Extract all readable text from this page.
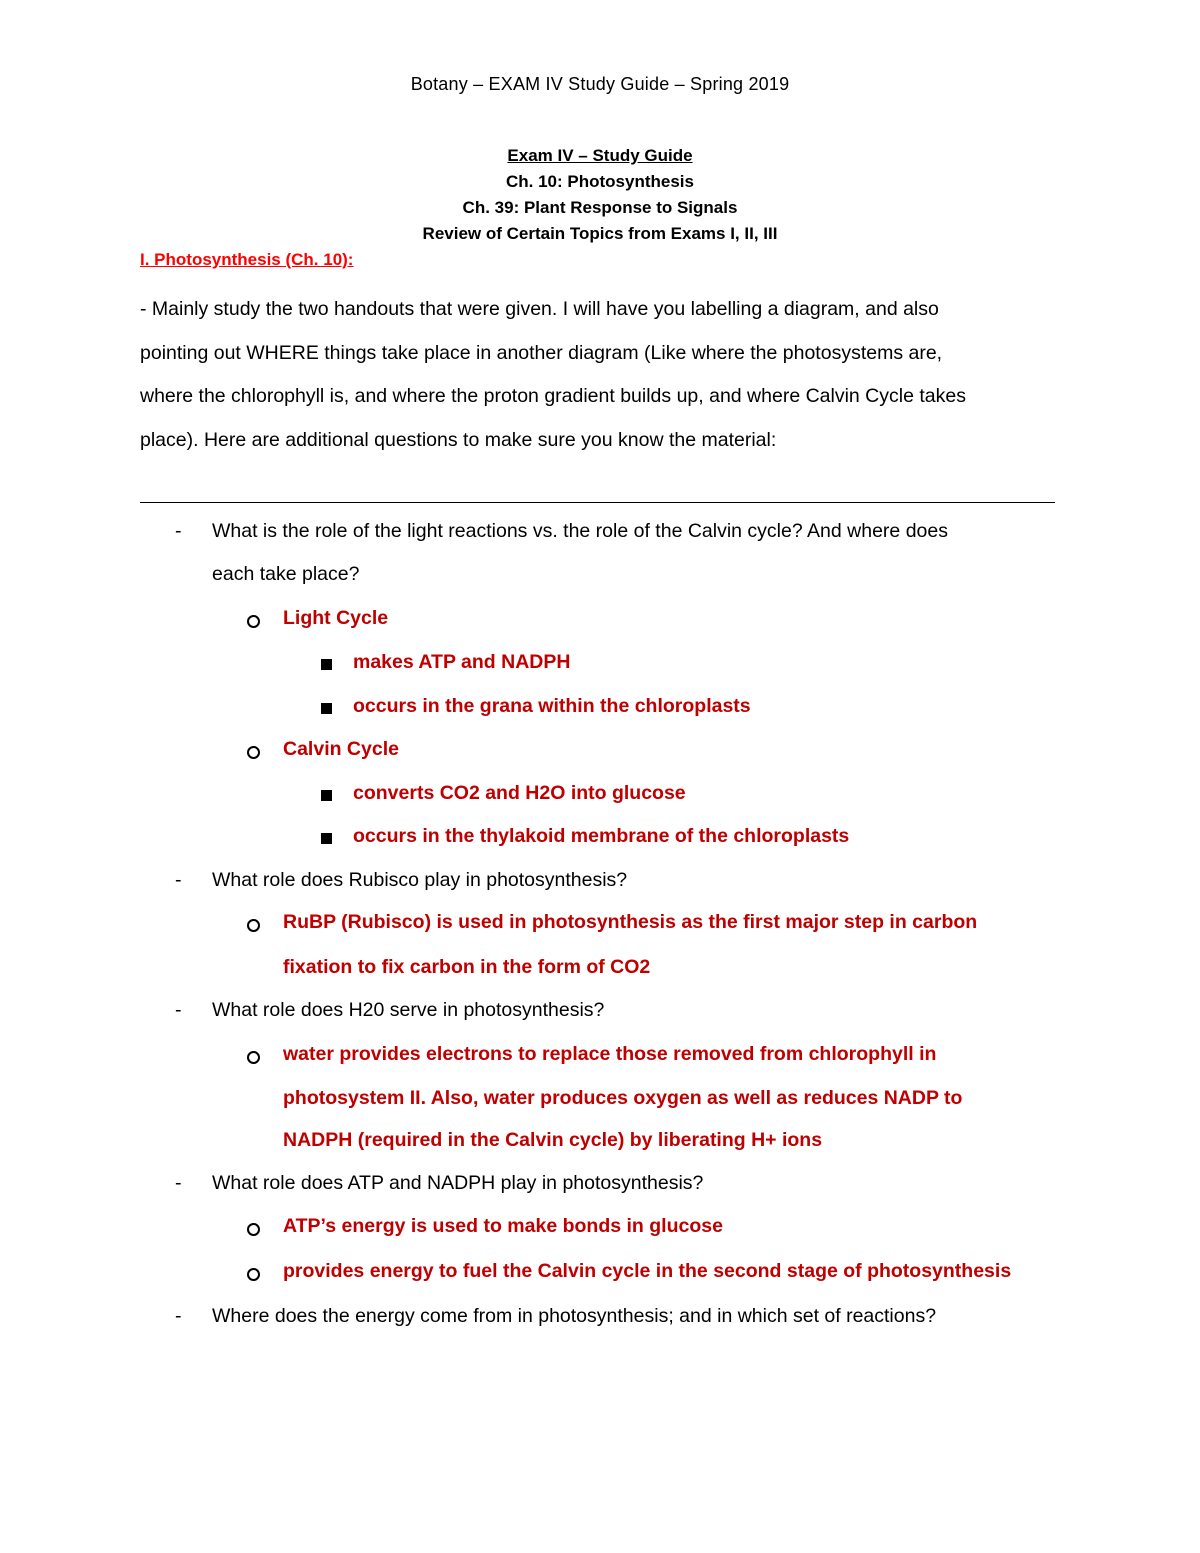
Botany – EXAM IV Study Guide – Spring 2019
Exam IV – Study Guide
Ch. 10: Photosynthesis
Ch. 39: Plant Response to Signals
Review of Certain Topics from Exams I, II, III
I. Photosynthesis (Ch. 10):
- Mainly study the two handouts that were given. I will have you labelling a diagram, and also
pointing out WHERE things take place in another diagram (Like where the photosystems are,
where the chlorophyll is, and where the proton gradient builds up, and where Calvin Cycle takes
place). Here are additional questions to make sure you know the material:
- What is the role of the light reactions vs. the role of the Calvin cycle? And where does
each take place?
Light Cycle
makes ATP and NADPH
occurs in the grana within the chloroplasts
Calvin Cycle
converts CO2 and H2O into glucose
occurs in the thylakoid membrane of the chloroplasts
- What role does Rubisco play in photosynthesis?
RuBP (Rubisco) is used in photosynthesis as the first major step in carbon
fixation to fix carbon in the form of CO2
- What role does H20 serve in photosynthesis?
water provides electrons to replace those removed from chlorophyll in
photosystem II. Also, water produces oxygen as well as reduces NADP to
NADPH (required in the Calvin cycle) by liberating H+ ions
- What role does ATP and NADPH play in photosynthesis?
ATP’s energy is used to make bonds in glucose
provides energy to fuel the Calvin cycle in the second stage of photosynthesis
- Where does the energy come from in photosynthesis; and in which set of reactions?
